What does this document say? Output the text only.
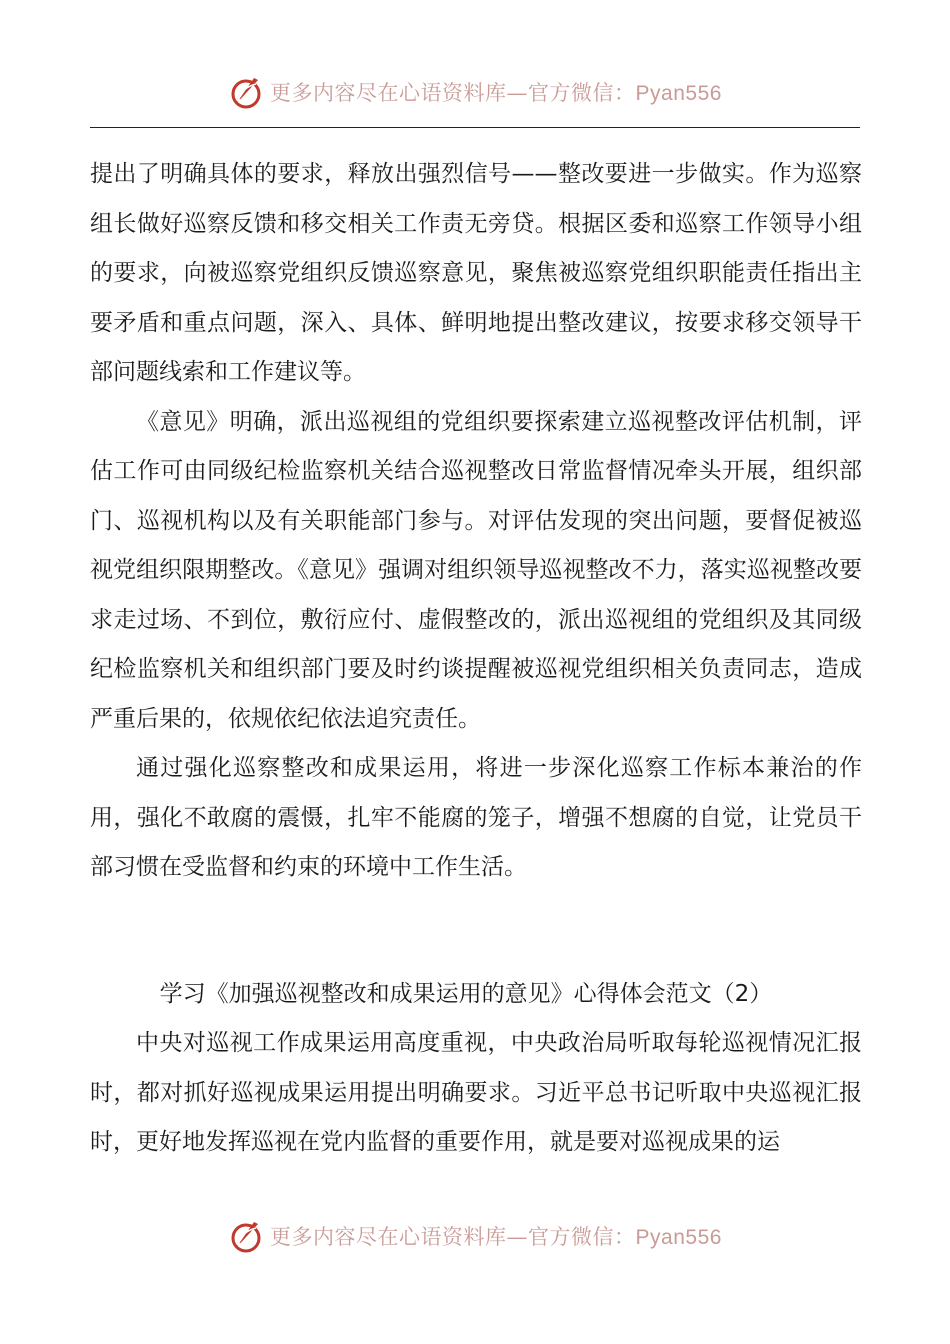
更多内容尽在心语资料库—官方微信：Pyan556

提出了明确具体的要求，释放出强烈信号——整改要进一步做实。作为巡察组长做好巡察反馈和移交相关工作责无旁贷。根据区委和巡察工作领导小组的要求，向被巡察党组织反馈巡察意见，聚焦被巡察党组织职能责任指出主要矛盾和重点问题，深入、具体、鲜明地提出整改建议，按要求移交领导干部问题线索和工作建议等。

《意见》明确，派出巡视组的党组织要探索建立巡视整改评估机制，评估工作可由同级纪检监察机关结合巡视整改日常监督情况牵头开展，组织部门、巡视机构以及有关职能部门参与。对评估发现的突出问题，要督促被巡视党组织限期整改。《意见》强调对组织领导巡视整改不力，落实巡视整改要求走过场、不到位，敷衍应付、虚假整改的，派出巡视组的党组织及其同级纪检监察机关和组织部门要及时约谈提醒被巡视党组织相关负责同志，造成严重后果的，依规依纪依法追究责任。

通过强化巡察整改和成果运用，将进一步深化巡察工作标本兼治的作用，强化不敢腐的震慑，扎牢不能腐的笼子，增强不想腐的自觉，让党员干部习惯在受监督和约束的环境中工作生活。

学习《加强巡视整改和成果运用的意见》心得体会范文（2）

中央对巡视工作成果运用高度重视，中央政治局听取每轮巡视情况汇报时，都对抓好巡视成果运用提出明确要求。习近平总书记听取中央巡视汇报时，更好地发挥巡视在党内监督的重要作用，就是要对巡视成果的运

更多内容尽在心语资料库—官方微信：Pyan556
